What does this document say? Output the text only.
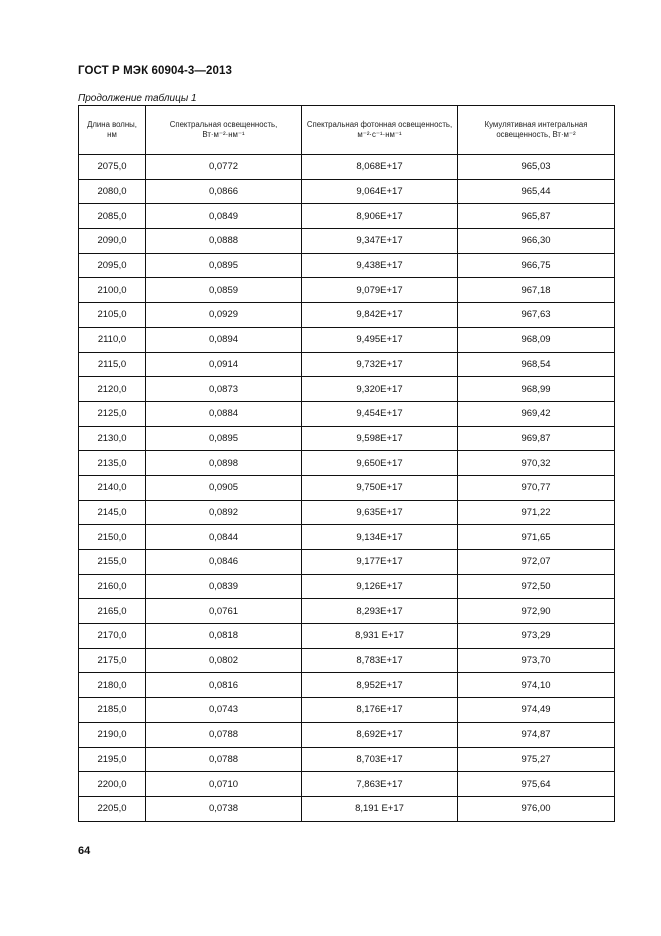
ГОСТ Р МЭК 60904-3—2013
Продолжение таблицы 1
Длина волны, нм	Спектральная освещенность, Вт·м⁻²·нм⁻¹	Спектральная фотонная освещенность, м⁻²·с⁻¹·нм⁻¹	Кумулятивная интегральная освещенность, Вт·м⁻²
2075,0	0,0772	8,068E+17	965,03
2080,0	0,0866	9,064E+17	965,44
2085,0	0,0849	8,906E+17	965,87
2090,0	0,0888	9,347E+17	966,30
2095,0	0,0895	9,438E+17	966,75
2100,0	0,0859	9,079E+17	967,18
2105,0	0,0929	9,842E+17	967,63
2110,0	0,0894	9,495E+17	968,09
2115,0	0,0914	9,732E+17	968,54
2120,0	0,0873	9,320E+17	968,99
2125,0	0,0884	9,454E+17	969,42
2130,0	0,0895	9,598E+17	969,87
2135,0	0,0898	9,650E+17	970,32
2140,0	0,0905	9,750E+17	970,77
2145,0	0,0892	9,635E+17	971,22
2150,0	0,0844	9,134E+17	971,65
2155,0	0,0846	9,177E+17	972,07
2160,0	0,0839	9,126E+17	972,50
2165,0	0,0761	8,293E+17	972,90
2170,0	0,0818	8,931 E+17	973,29
2175,0	0,0802	8,783E+17	973,70
2180,0	0,0816	8,952E+17	974,10
2185,0	0,0743	8,176E+17	974,49
2190,0	0,0788	8,692E+17	974,87
2195,0	0,0788	8,703E+17	975,27
2200,0	0,0710	7,863E+17	975,64
2205,0	0,0738	8,191 E+17	976,00
64
